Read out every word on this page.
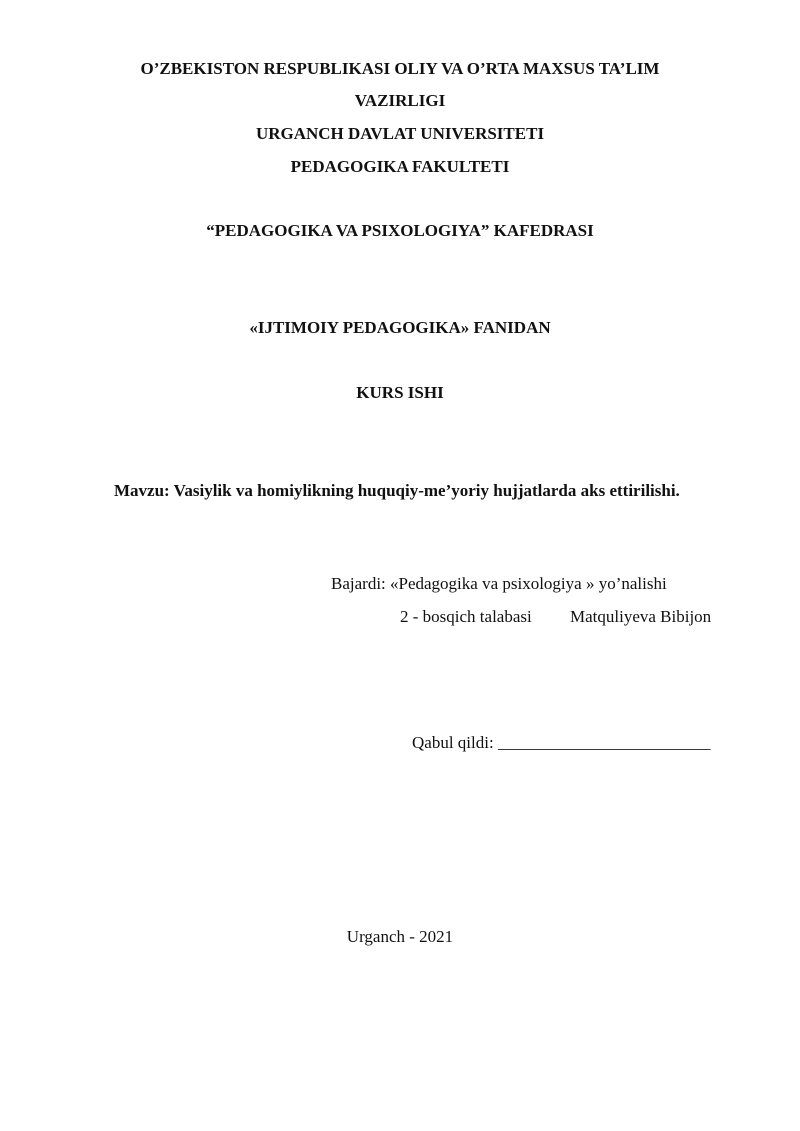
O’ZBEKISTON RESPUBLIKASI OLIY VA O’RTA MAXSUS TA’LIM
VAZIRLIGI
URGANCH DAVLAT UNIVERSITETI
PEDAGOGIKA FAKULTETI
“PEDAGOGIKA VA PSIXOLOGIYA” KAFEDRASI
«IJTIMOIY PEDAGOGIKA» FANIDAN
KURS ISHI
Mavzu: Vasiylik va homiylikning huquqiy-me’yoriy hujjatlarda aks ettirilishi.
Bajardi: «Pedagogika va psixologiya » yo’nalishi
2 - bosqich talabasi Matquliyeva Bibijon
Qabul qildi: _________________________
Urganch - 2021
